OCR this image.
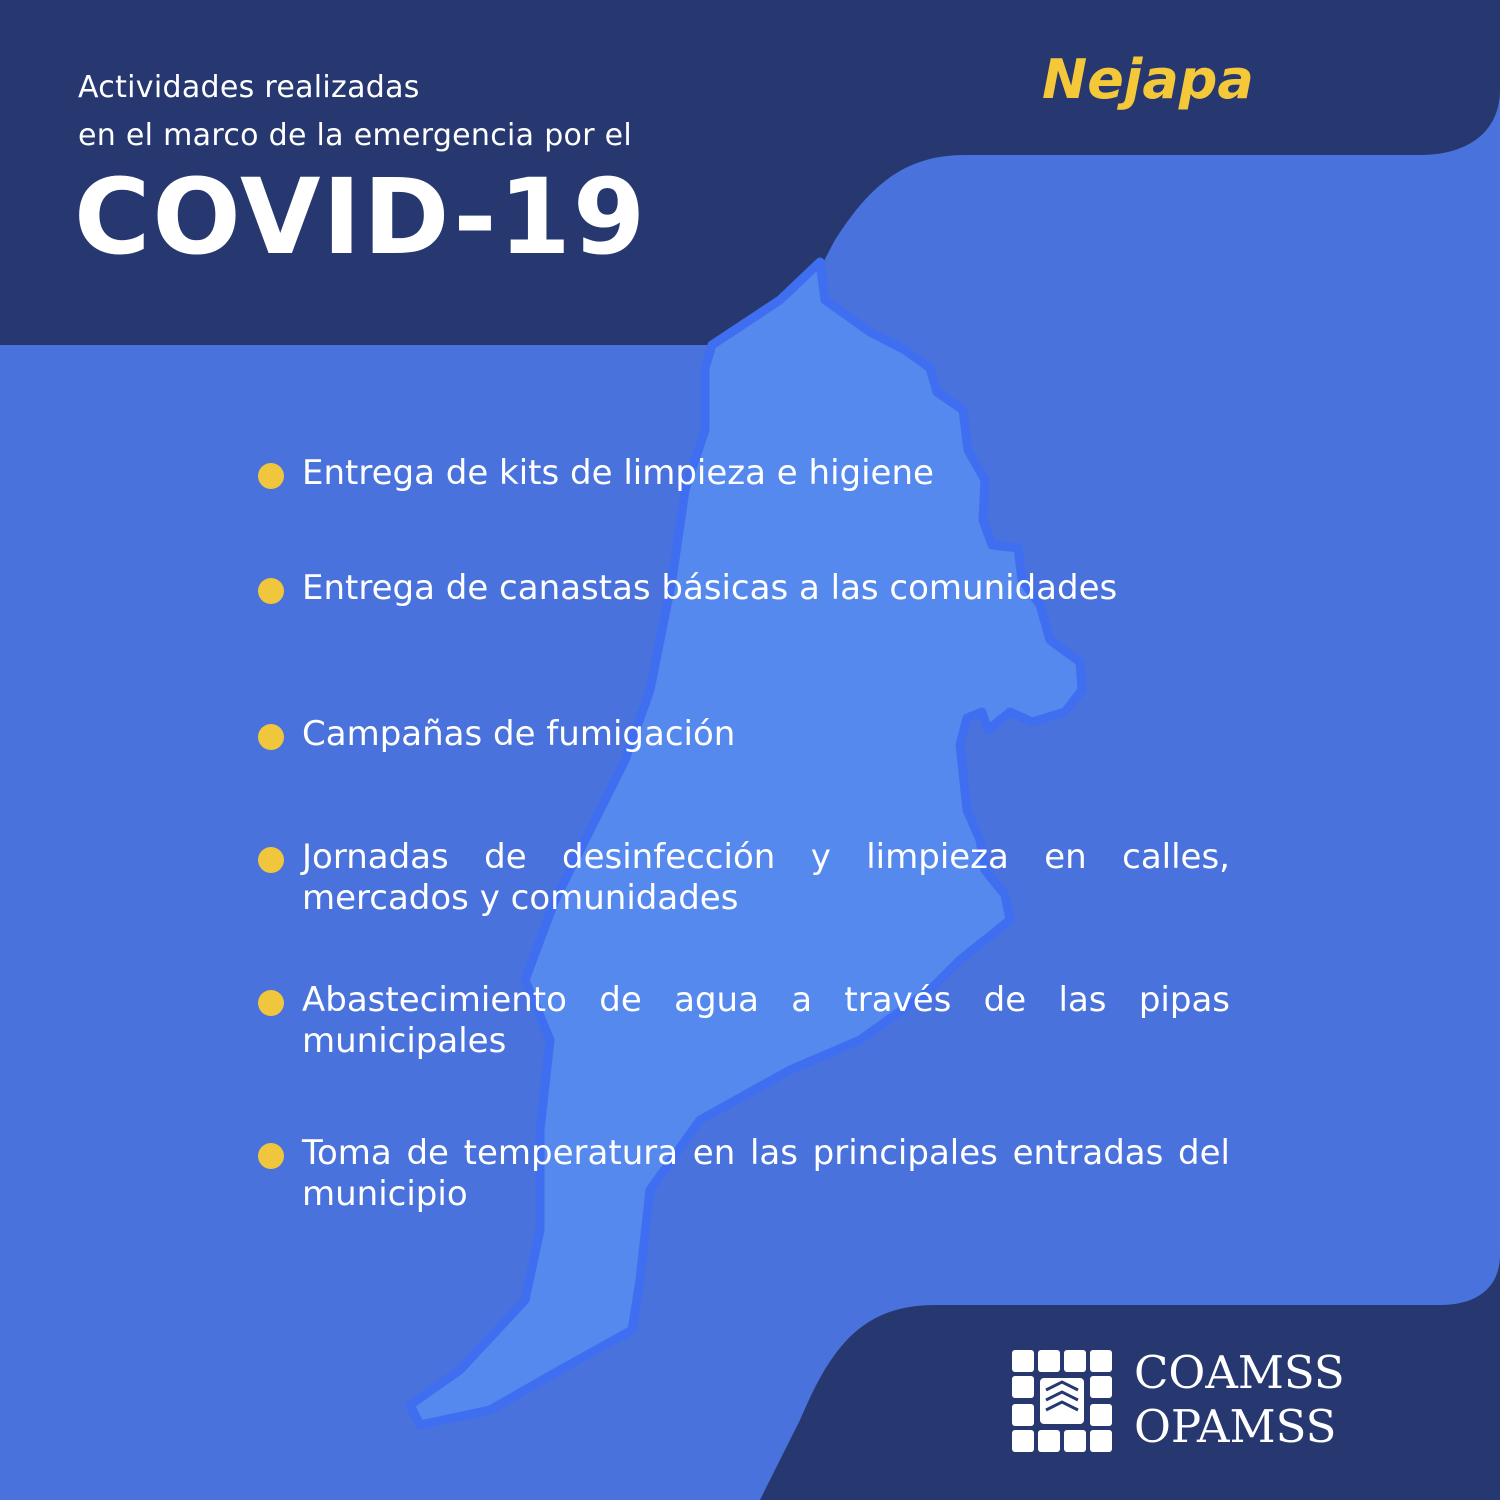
Actividades realizadas
en el marco de la emergencia por el
COVID-19
Nejapa
Entrega de kits de limpieza e higiene
Entrega de canastas básicas a las comunidades
Campañas de fumigación
Jornadas de desinfección y limpieza en calles, mercados y comunidades
Abastecimiento de agua a través de las pipas municipales
Toma de temperatura en las principales entradas del municipio
COAMSS
OPAMSS
